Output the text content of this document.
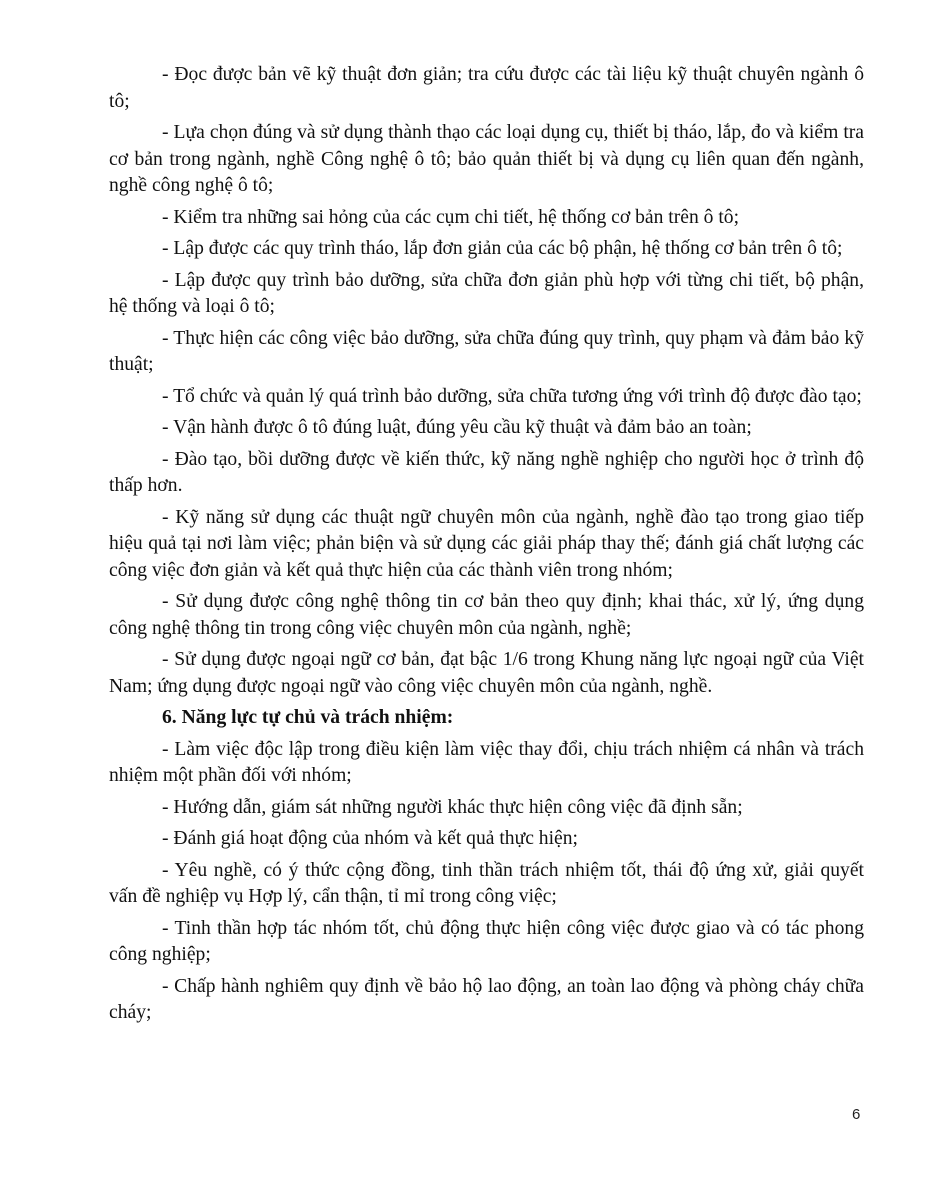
- Đọc được bản vẽ kỹ thuật đơn giản; tra cứu được các tài liệu kỹ thuật chuyên ngành ô tô;

- Lựa chọn đúng và sử dụng thành thạo các loại dụng cụ, thiết bị tháo, lắp, đo và kiểm tra cơ bản trong ngành, nghề Công nghệ ô tô; bảo quản thiết bị và dụng cụ liên quan đến ngành, nghề công nghệ ô tô;

- Kiểm tra những sai hỏng của các cụm chi tiết, hệ thống cơ bản trên ô tô;

- Lập được các quy trình tháo, lắp đơn giản của các bộ phận, hệ thống cơ bản trên ô tô;

- Lập được quy trình bảo dưỡng, sửa chữa đơn giản phù hợp với từng chi tiết, bộ phận, hệ thống và loại ô tô;

- Thực hiện các công việc bảo dưỡng, sửa chữa đúng quy trình, quy phạm và đảm bảo kỹ thuật;

- Tổ chức và quản lý quá trình bảo dưỡng, sửa chữa tương ứng với trình độ được đào tạo;

- Vận hành được ô tô đúng luật, đúng yêu cầu kỹ thuật và đảm bảo an toàn;

- Đào tạo, bồi dưỡng được về kiến thức, kỹ năng nghề nghiệp cho người học ở trình độ thấp hơn.

- Kỹ năng sử dụng các thuật ngữ chuyên môn của ngành, nghề đào tạo trong giao tiếp hiệu quả tại nơi làm việc; phản biện và sử dụng các giải pháp thay thế; đánh giá chất lượng các công việc đơn giản và kết quả thực hiện của các thành viên trong nhóm;

- Sử dụng được công nghệ thông tin cơ bản theo quy định; khai thác, xử lý, ứng dụng công nghệ thông tin trong công việc chuyên môn của ngành, nghề;

- Sử dụng được ngoại ngữ cơ bản, đạt bậc 1/6 trong Khung năng lực ngoại ngữ của Việt Nam; ứng dụng được ngoại ngữ vào công việc chuyên môn của ngành, nghề.

6. Năng lực tự chủ và trách nhiệm:

- Làm việc độc lập trong điều kiện làm việc thay đổi, chịu trách nhiệm cá nhân và trách nhiệm một phần đối với nhóm;

- Hướng dẫn, giám sát những người khác thực hiện công việc đã định sẵn;

- Đánh giá hoạt động của nhóm và kết quả thực hiện;

- Yêu nghề, có ý thức cộng đồng, tinh thần trách nhiệm tốt, thái độ ứng xử, giải quyết vấn đề nghiệp vụ Hợp lý, cẩn thận, tỉ mỉ trong công việc;

- Tinh thần hợp tác nhóm tốt, chủ động thực hiện công việc được giao và có tác phong công nghiệp;

- Chấp hành nghiêm quy định về bảo hộ lao động, an toàn lao động và phòng cháy chữa cháy;

6
